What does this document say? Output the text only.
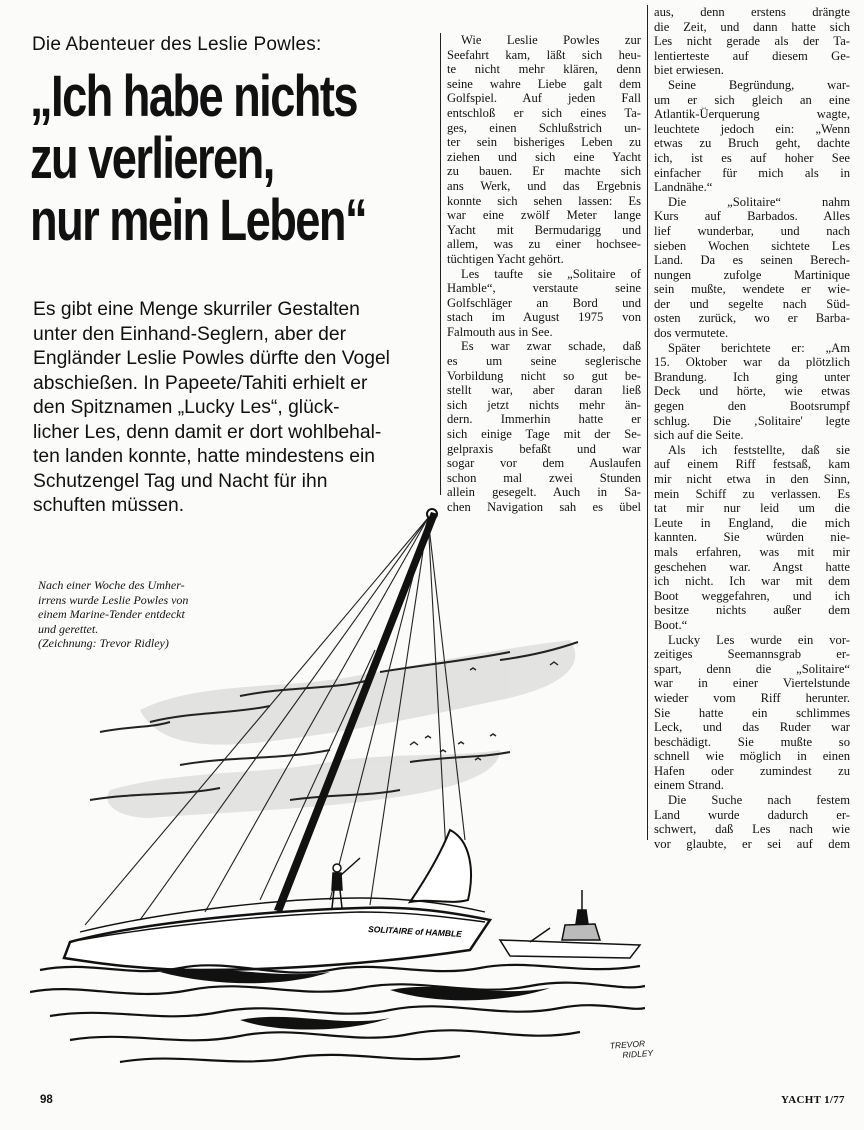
Die Abenteuer des Leslie Powles:
„Ich habe nichts
zu verlieren,
nur mein Leben“

Es gibt eine Menge skurriler Gestalten
unter den Einhand-Seglern, aber der
Engländer Leslie Powles dürfte den Vogel
abschießen. In Papeete/Tahiti erhielt er
den Spitznamen „Lucky Les“, glück-
licher Les, denn damit er dort wohlbehal-
ten landen konnte, hatte mindestens ein
Schutzengel Tag und Nacht für ihn
schuften müssen.

Wie Leslie Powles zur
Seefahrt kam, läßt sich heu-
te nicht mehr klären, denn
seine wahre Liebe galt dem
Golfspiel. Auf jeden Fall
entschloß er sich eines Ta-
ges, einen Schlußstrich un-
ter sein bisheriges Leben zu
ziehen und sich eine Yacht
zu bauen. Er machte sich
ans Werk, und das Ergebnis
konnte sich sehen lassen: Es
war eine zwölf Meter lange
Yacht mit Bermudarigg und
allem, was zu einer hochsee-
tüchtigen Yacht gehört.
Les taufte sie „Solitaire of
Hamble“, verstaute seine
Golfschläger an Bord und
stach im August 1975 von
Falmouth aus in See.
Es war zwar schade, daß
es um seine seglerische
Vorbildung nicht so gut be-
stellt war, aber daran ließ
sich jetzt nichts mehr än-
dern. Immerhin hatte er
sich einige Tage mit der Se-
gelpraxis befaßt und war
sogar vor dem Auslaufen
schon mal zwei Stunden
allein gesegelt. Auch in Sa-
chen Navigation sah es übel
aus, denn erstens drängte
die Zeit, und dann hatte sich
Les nicht gerade als der Ta-
lentierteste auf diesem Ge-
biet erwiesen.
Seine Begründung, war-
um er sich gleich an eine
Atlantik-Üerquerung wagte,
leuchtete jedoch ein: „Wenn
etwas zu Bruch geht, dachte
ich, ist es auf hoher See
einfacher für mich als in
Landnähe.“
Die „Solitaire“ nahm
Kurs auf Barbados. Alles
lief wunderbar, und nach
sieben Wochen sichtete Les
Land. Da es seinen Berech-
nungen zufolge Martinique
sein mußte, wendete er wie-
der und segelte nach Süd-
osten zurück, wo er Barba-
dos vermutete.
Später berichtete er: „Am
15. Oktober war da plötzlich
Brandung. Ich ging unter
Deck und hörte, wie etwas
gegen den Bootsrumpf
schlug. Die ‚Solitaire' legte
sich auf die Seite.
Als ich feststellte, daß sie
auf einem Riff festsaß, kam
mir nicht etwa in den Sinn,
mein Schiff zu verlassen. Es
tat mir nur leid um die
Leute in England, die mich
kannten. Sie würden nie-
mals erfahren, was mit mir
geschehen war. Angst hatte
ich nicht. Ich war mit dem
Boot weggefahren, und ich
besitze nichts außer dem
Boot.“
Lucky Les wurde ein vor-
zeitiges Seemannsgrab er-
spart, denn die „Solitaire“
war in einer Viertelstunde
wieder vom Riff herunter.
Sie hatte ein schlimmes
Leck, und das Ruder war
beschädigt. Sie mußte so
schnell wie möglich in einen
Hafen oder zumindest zu
einem Strand.
Die Suche nach festem
Land wurde dadurch er-
schwert, daß Les nach wie
vor glaubte, er sei auf dem

Nach einer Woche des Umher-
irrens wurde Leslie Powles von
einem Marine-Tender entdeckt
und gerettet.
(Zeichnung: Trevor Ridley)

SOLITAIRE of HAMBLE
TREVOR
RIDLEY
98	YACHT 1/77
